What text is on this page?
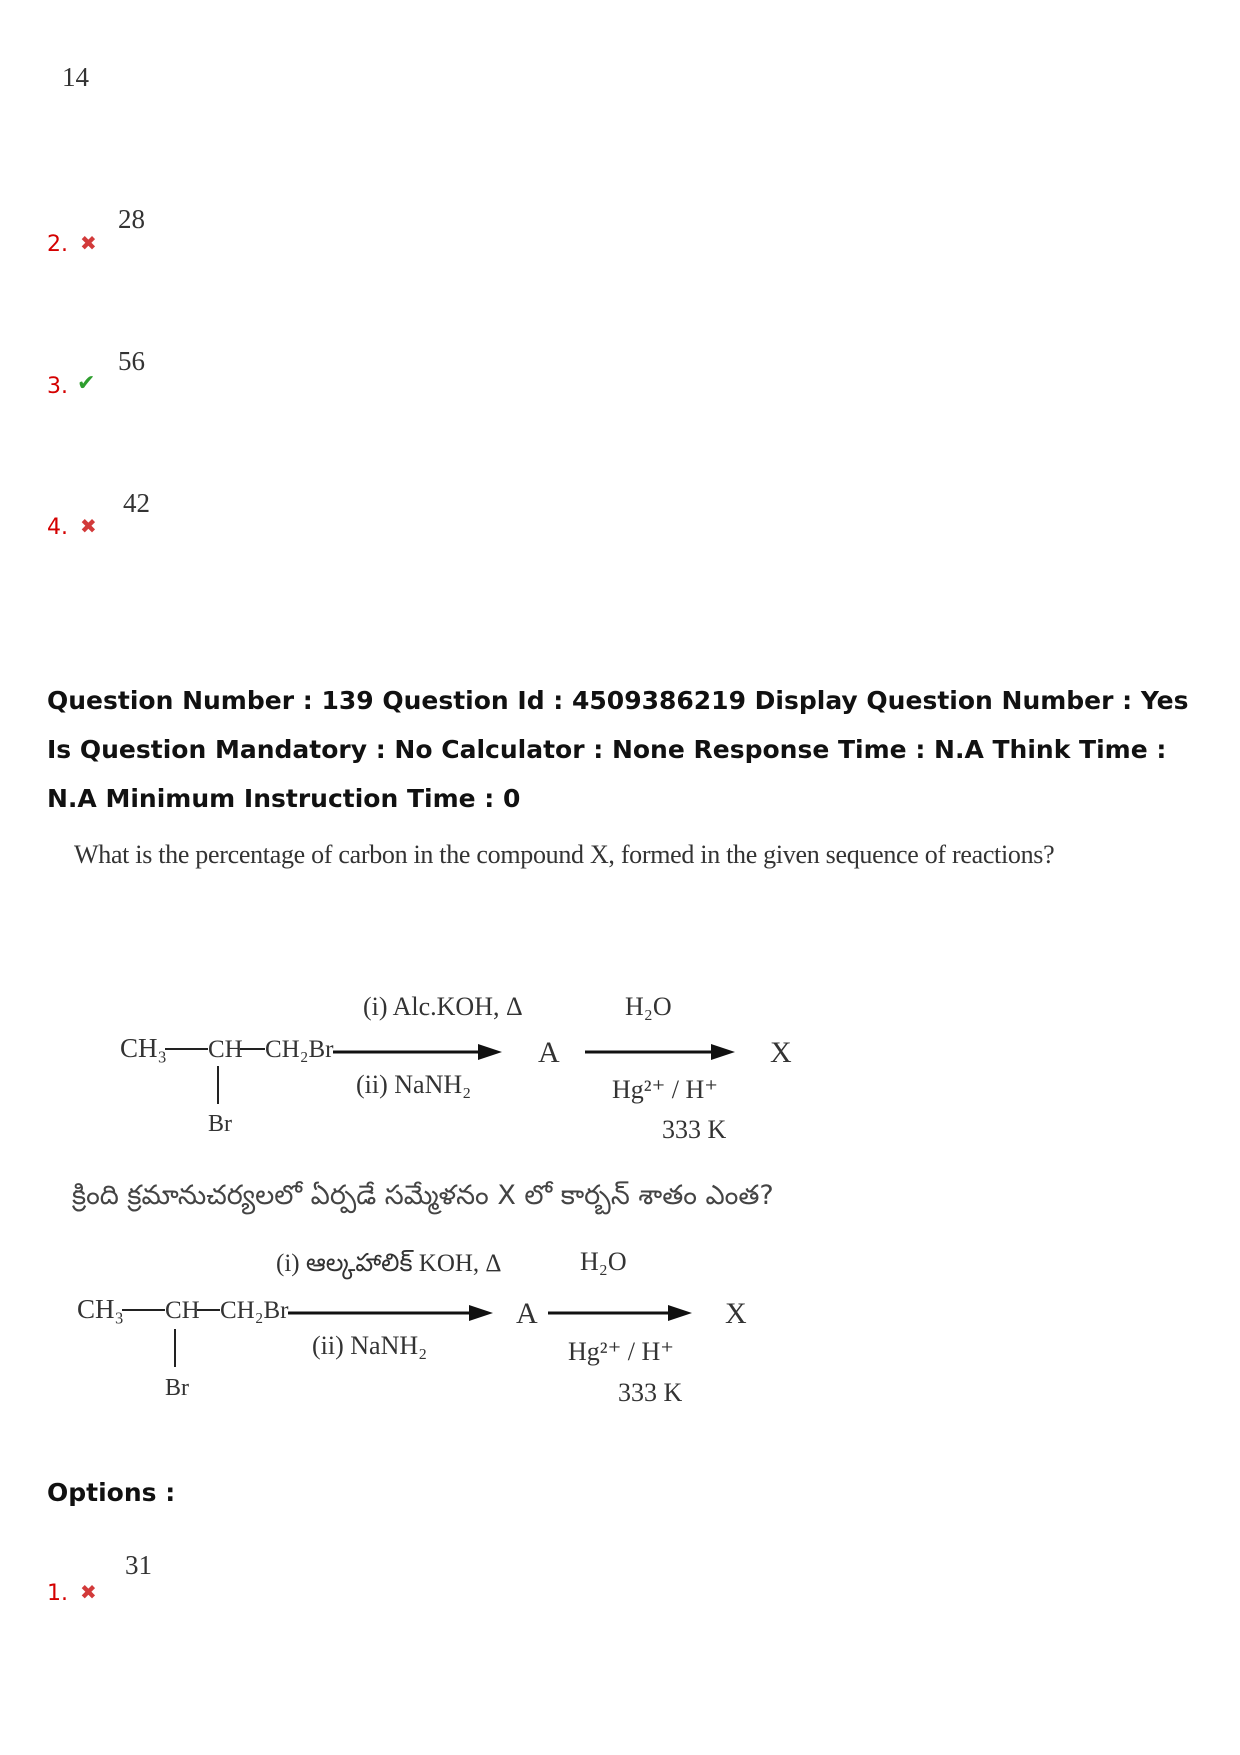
14
2. ✖
28
3. ✔
56
4. ✖
42
Question Number : 139 Question Id : 4509386219 Display Question Number : Yes Is Question Mandatory : No Calculator : None Response Time : N.A Think Time : N.A Minimum Instruction Time : 0
What is the percentage of carbon in the compound X, formed in the given sequence of reactions?
CH₃ CH CH₂Br
Br
(i) Alc.KOH, Δ
(ii) NaNH₂
A
H₂O
Hg²⁺ / H⁺
333 K
X
క్రింది క్రమానుచర్యలలో ఏర్పడే సమ్మేళనం X లో కార్బన్ శాతం ఎంత?
CH₃ CH CH₂Br
Br
(i) ఆల్కహాలిక్ KOH, Δ
(ii) NaNH₂
A
H₂O
Hg²⁺ / H⁺
333 K
X
Options :
1. ✖
31
